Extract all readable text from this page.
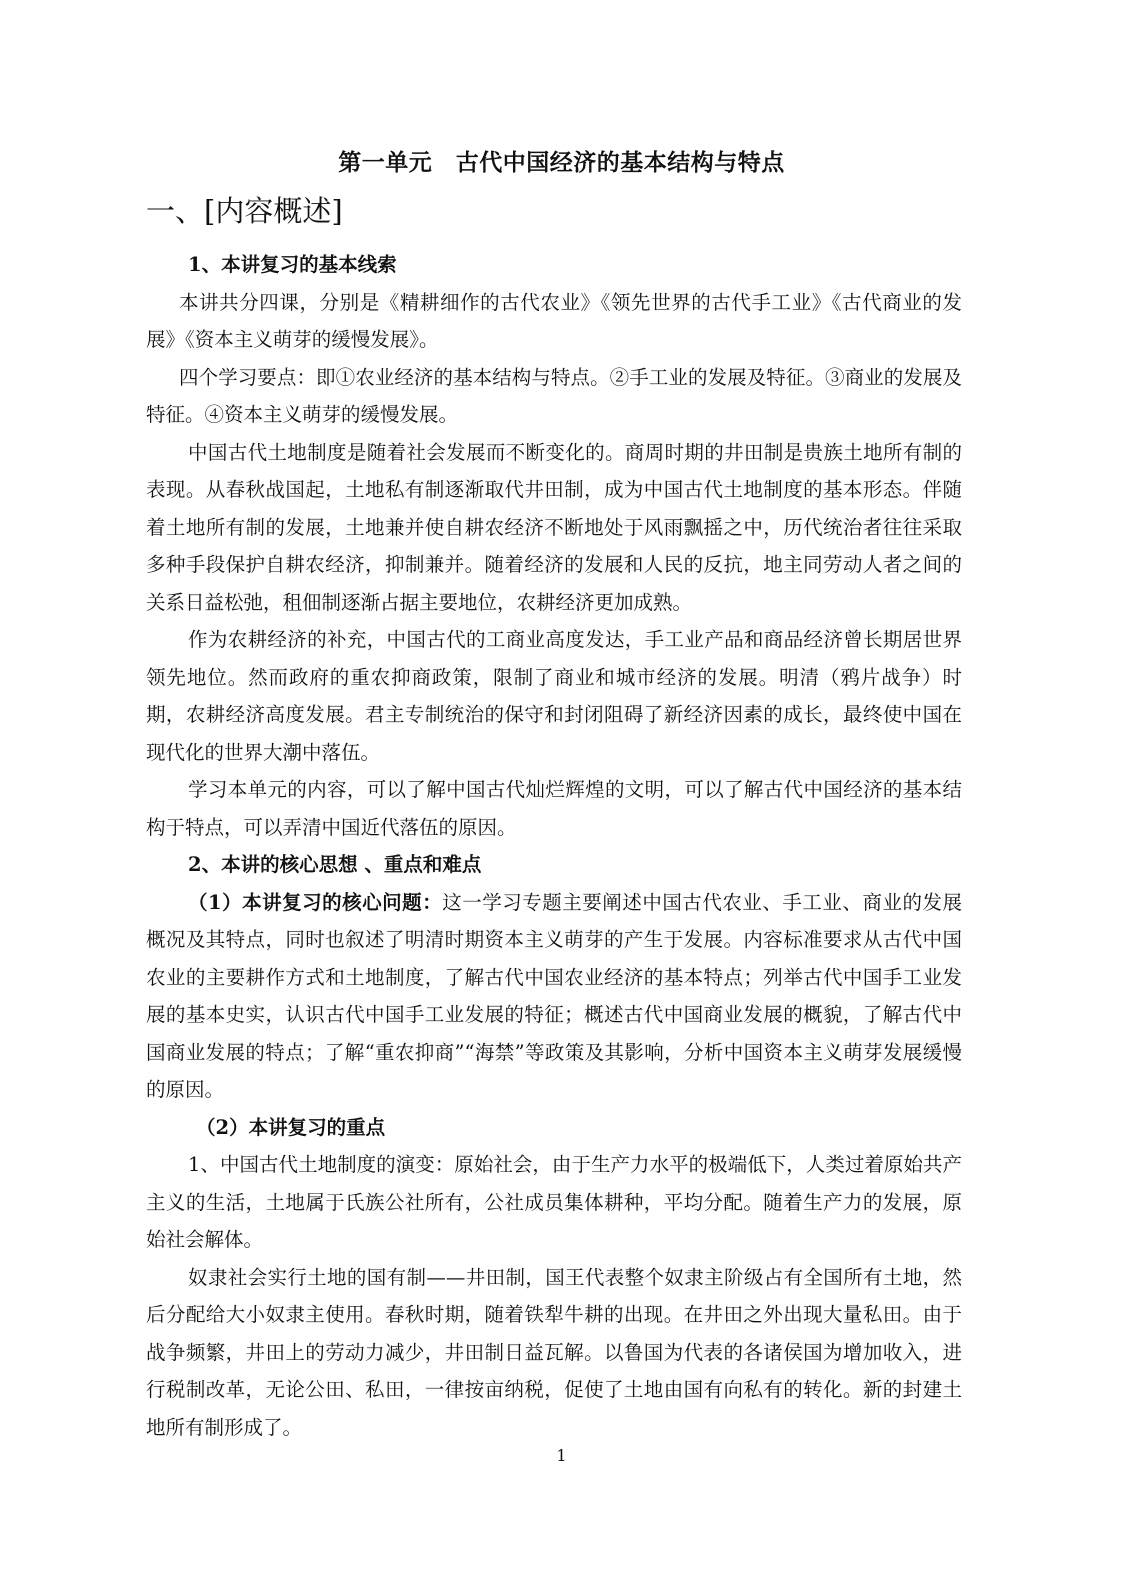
第一单元　古代中国经济的基本结构与特点
一、[内容概述]

1、本讲复习的基本线索

本讲共分四课，分别是《精耕细作的古代农业》《领先世界的古代手工业》《古代商业的发展》《资本主义萌芽的缓慢发展》。

四个学习要点：即①农业经济的基本结构与特点。②手工业的发展及特征。③商业的发展及特征。④资本主义萌芽的缓慢发展。

中国古代土地制度是随着社会发展而不断变化的。商周时期的井田制是贵族土地所有制的表现。从春秋战国起，土地私有制逐渐取代井田制，成为中国古代土地制度的基本形态。伴随着土地所有制的发展，土地兼并使自耕农经济不断地处于风雨飘摇之中，历代统治者往往采取多种手段保护自耕农经济，抑制兼并。随着经济的发展和人民的反抗，地主同劳动人者之间的关系日益松弛，租佃制逐渐占据主要地位，农耕经济更加成熟。

作为农耕经济的补充，中国古代的工商业高度发达，手工业产品和商品经济曾长期居世界领先地位。然而政府的重农抑商政策，限制了商业和城市经济的发展。明清（鸦片战争）时期，农耕经济高度发展。君主专制统治的保守和封闭阻碍了新经济因素的成长，最终使中国在现代化的世界大潮中落伍。

学习本单元的内容，可以了解中国古代灿烂辉煌的文明，可以了解古代中国经济的基本结构于特点，可以弄清中国近代落伍的原因。

2、本讲的核心思想 、重点和难点

（1）本讲复习的核心问题：这一学习专题主要阐述中国古代农业、手工业、商业的发展概况及其特点，同时也叙述了明清时期资本主义萌芽的产生于发展。内容标准要求从古代中国农业的主要耕作方式和土地制度，了解古代中国农业经济的基本特点；列举古代中国手工业发展的基本史实，认识古代中国手工业发展的特征；概述古代中国商业发展的概貌，了解古代中国商业发展的特点；了解“重农抑商”“海禁”等政策及其影响，分析中国资本主义萌芽发展缓慢的原因。

（2）本讲复习的重点

1、中国古代土地制度的演变：原始社会，由于生产力水平的极端低下，人类过着原始共产主义的生活，土地属于氏族公社所有，公社成员集体耕种，平均分配。随着生产力的发展，原始社会解体。

奴隶社会实行土地的国有制——井田制，国王代表整个奴隶主阶级占有全国所有土地，然后分配给大小奴隶主使用。春秋时期，随着铁犁牛耕的出现。在井田之外出现大量私田。由于战争频繁，井田上的劳动力减少，井田制日益瓦解。以鲁国为代表的各诸侯国为增加收入，进行税制改革，无论公田、私田，一律按亩纳税，促使了土地由国有向私有的转化。新的封建土地所有制形成了。

1
